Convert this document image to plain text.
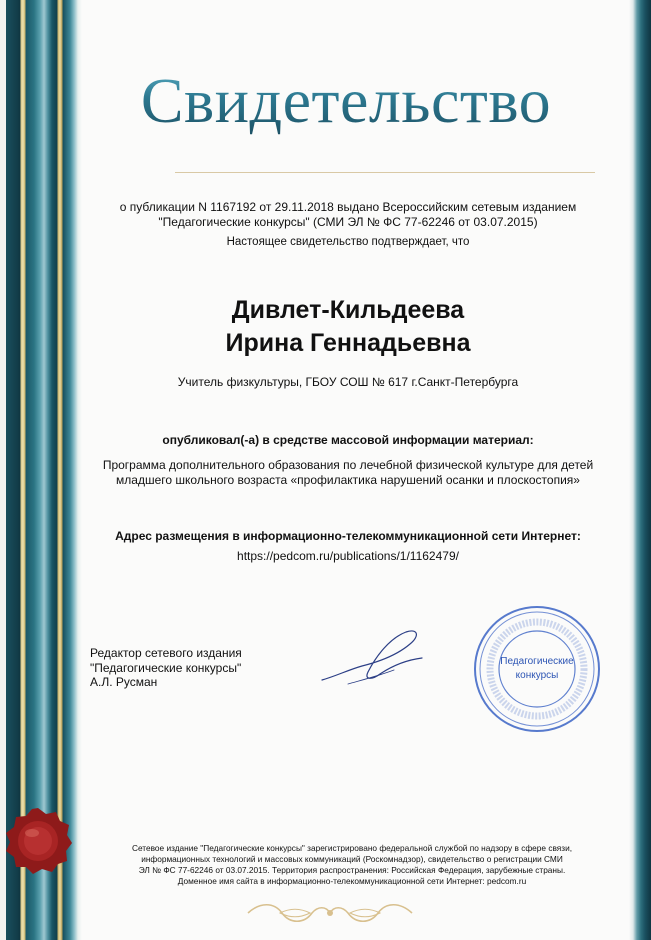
Свидетельство
о публикации N 1167192 от 29.11.2018 выдано Всероссийским сетевым изданием
"Педагогические конкурсы" (СМИ ЭЛ № ФС 77-62246 от 03.07.2015)
Настоящее свидетельство подтверждает, что
Дивлет-Кильдеева
Ирина Геннадьевна
Учитель физкультуры, ГБОУ СОШ № 617 г.Санкт-Петербурга
опубликовал(-а) в средстве массовой информации материал:
Программа дополнительного образования по лечебной физической культуре для детей
младшего школьного возраста «профилактика нарушений осанки и плоскостопия»
Адрес размещения в информационно-телекоммуникационной сети Интернет:
https://pedcom.ru/publications/1/1162479/
Редактор сетевого издания
"Педагогические конкурсы"
А.Л. Русман
Педагогические
конкурсы
Сетевое издание "Педагогические конкурсы" зарегистрировано федеральной службой по надзору в сфере связи,
информационных технологий и массовых коммуникаций (Роскомнадзор), свидетельство о регистрации СМИ
ЭЛ № ФС 77-62246 от 03.07.2015. Территория распространения: Российская Федерация, зарубежные страны.
Доменное имя сайта в информационно-телекоммуникационной сети Интернет: pedcom.ru
